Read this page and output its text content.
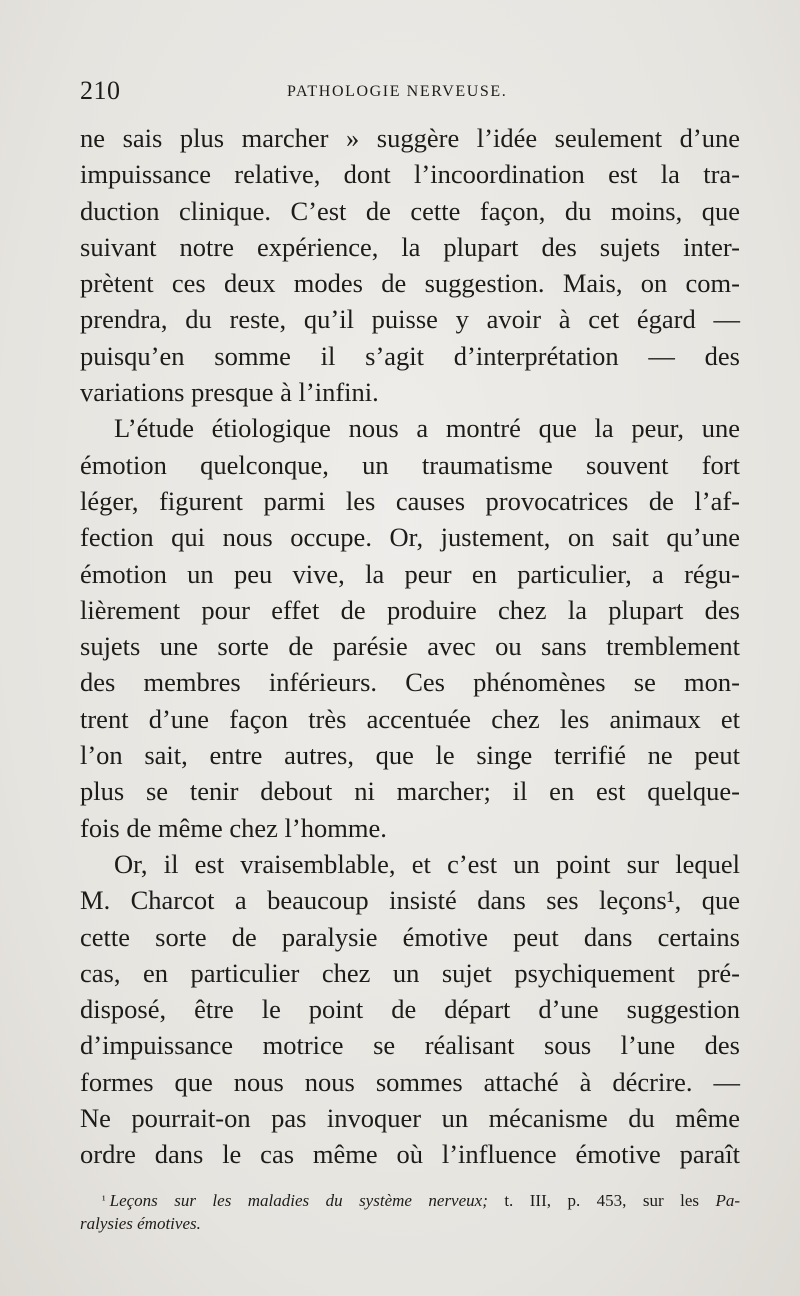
210	PATHOLOGIE NERVEUSE.

ne sais plus marcher » suggère l’idée seulement d’une
impuissance relative, dont l’incoordination est la tra-
duction clinique. C’est de cette façon, du moins, que
suivant notre expérience, la plupart des sujets inter-
prètent ces deux modes de suggestion. Mais, on com-
prendra, du reste, qu’il puisse y avoir à cet égard —
puisqu’en somme il s’agit d’interprétation — des
variations presque à l’infini.

L’étude étiologique nous a montré que la peur, une
émotion quelconque, un traumatisme souvent fort
léger, figurent parmi les causes provocatrices de l’af-
fection qui nous occupe. Or, justement, on sait qu’une
émotion un peu vive, la peur en particulier, a régu-
lièrement pour effet de produire chez la plupart des
sujets une sorte de parésie avec ou sans tremblement
des membres inférieurs. Ces phénomènes se mon-
trent d’une façon très accentuée chez les animaux et
l’on sait, entre autres, que le singe terrifié ne peut
plus se tenir debout ni marcher; il en est quelque-
fois de même chez l’homme.

Or, il est vraisemblable, et c’est un point sur lequel
M. Charcot a beaucoup insisté dans ses leçons¹, que
cette sorte de paralysie émotive peut dans certains
cas, en particulier chez un sujet psychiquement pré-
disposé, être le point de départ d’une suggestion
d’impuissance motrice se réalisant sous l’une des
formes que nous nous sommes attaché à décrire. —
Ne pourrait-on pas invoquer un mécanisme du même
ordre dans le cas même où l’influence émotive paraît

$^{^1}$ Leçons sur les maladies du système nerveux; t. III, p. 453, sur les Pa-
ralysies émotives.
